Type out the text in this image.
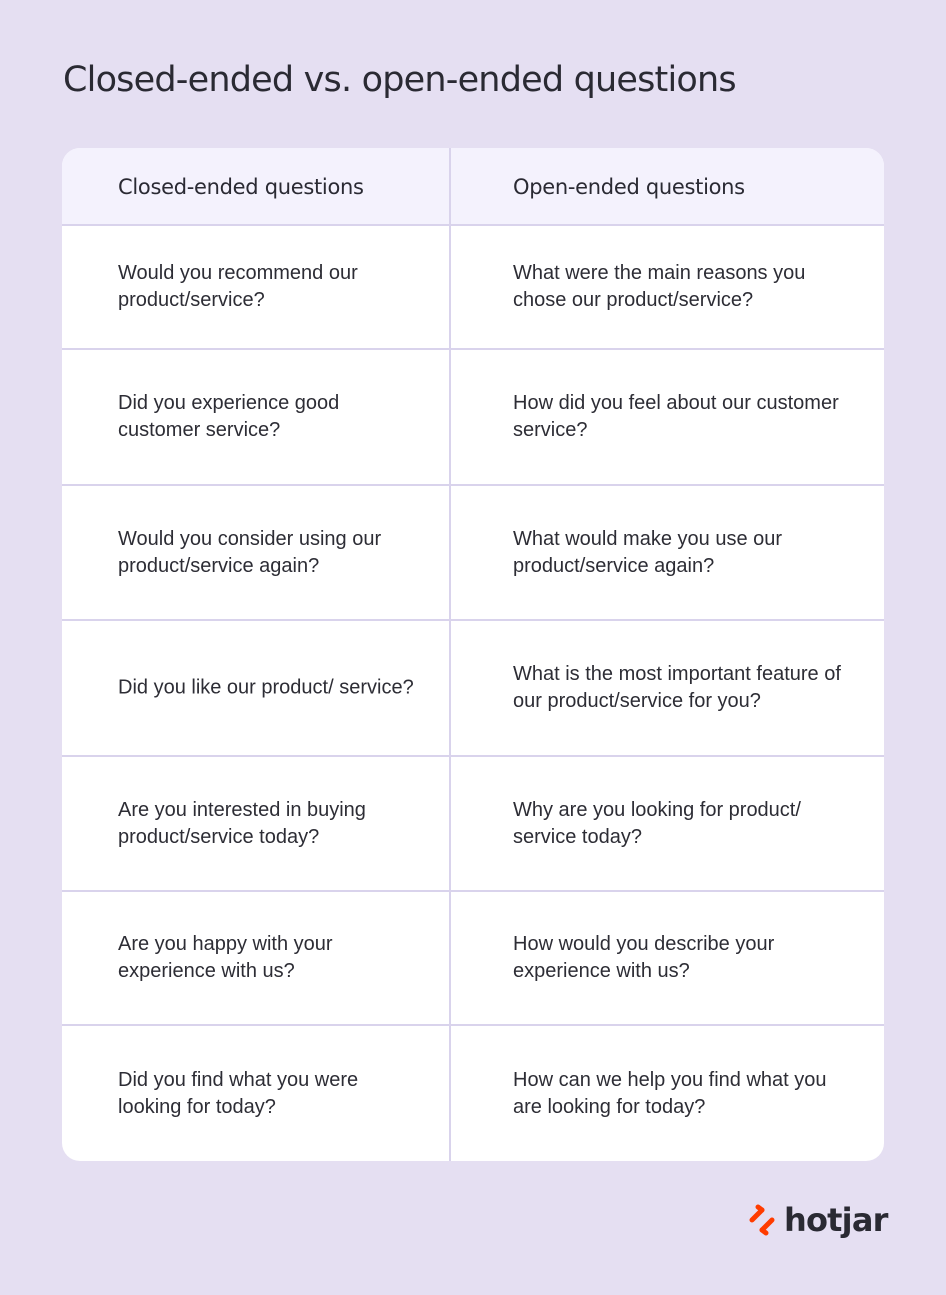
Closed-ended vs. open-ended questions
Closed-ended questions	Open-ended questions
Would you recommend our product/service?
What were the main reasons you chose our product/service?
Did you experience good customer service?
How did you feel about our customer service?
Would you consider using our product/service again?
What would make you use our product/service again?
Did you like our product/ service?
What is the most important feature of our product/service for you?
Are you interested in buying product/service today?
Why are you looking for product/ service today?
Are you happy with your experience with us?
How would you describe your experience with us?
Did you find what you were looking for today?
How can we help you find what you are looking for today?
hotjar
